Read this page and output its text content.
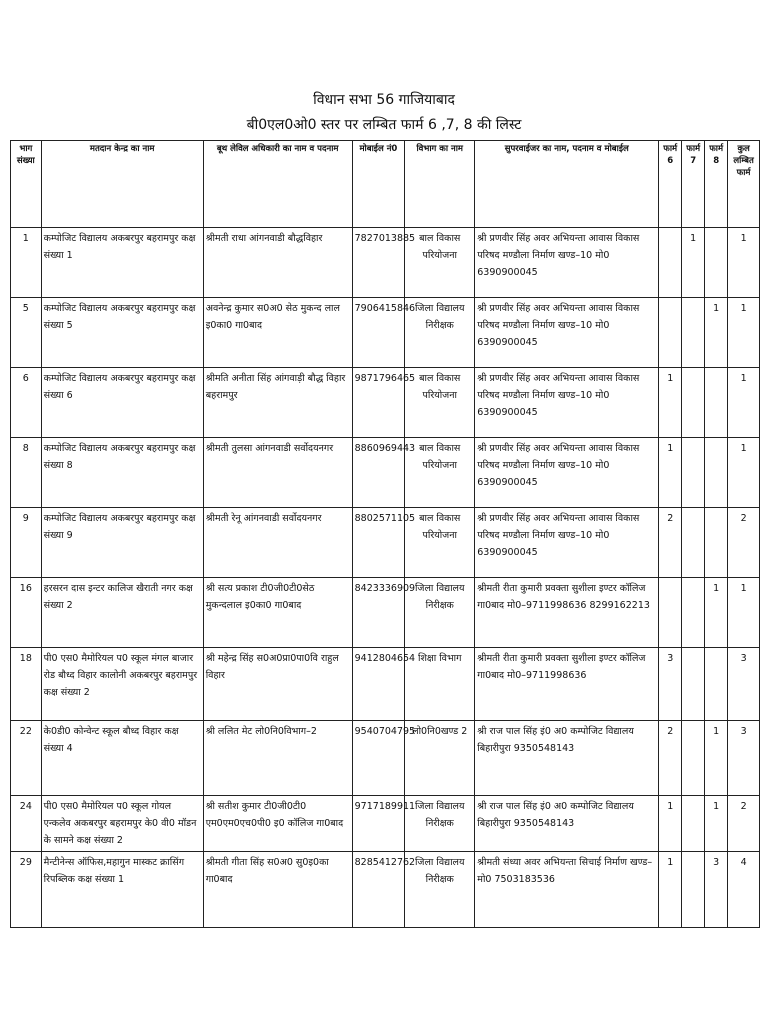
विधान सभा 56 गाजियाबाद
बी0एल0ओ0 स्तर पर लम्बित फार्म 6 ,7, 8 की लिस्ट
भाग संख्या	मतदान केन्द्र का नाम	बूथ लेविल अधिकारी का नाम व पदनाम	मोबाईल नं0	विभाग का नाम	सुपरवाईजर का नाम, पदनाम व मोबाईल	फार्म 6	फार्म 7	फार्म 8	कुल लम्बित फार्म
1	कम्पोजिट विद्यालय अकबरपुर बहरामपुर कक्ष संख्या 1	श्रीमती राधा आंगनवाडी बौद्धविहार	7827013885	बाल विकास परियोजना	श्री प्रणवीर सिंह अवर अभियन्ता आवास विकास परिषद मण्डौला निर्माण खण्ड–10 मो0 6390900045		1		1
5	कम्पोजिट विद्यालय अकबरपुर बहरामपुर कक्ष संख्या 5	अवनेन्द्र कुमार स0अ0 सेठ मुकन्द लाल इ0का0 गा0बाद	7906415846	जिला विद्यालय निरीक्षक	श्री प्रणवीर सिंह अवर अभियन्ता आवास विकास परिषद मण्डौला निर्माण खण्ड–10 मो0 6390900045			1	1
6	कम्पोजिट विद्यालय अकबरपुर बहरामपुर कक्ष संख्या 6	श्रीमति अनीता सिंह आंगवाड़ी बौद्ध विहार बहरामपुर	9871796465	बाल विकास परियोजना	श्री प्रणवीर सिंह अवर अभियन्ता आवास विकास परिषद मण्डौला निर्माण खण्ड–10 मो0 6390900045	1			1
8	कम्पोजिट विद्यालय अकबरपुर बहरामपुर कक्ष संख्या 8	श्रीमती तुलसा आंगनवाडी सर्वोदयनगर	8860969443	बाल विकास परियोजना	श्री प्रणवीर सिंह अवर अभियन्ता आवास विकास परिषद मण्डौला निर्माण खण्ड–10 मो0 6390900045	1			1
9	कम्पोजिट विद्यालय अकबरपुर बहरामपुर कक्ष संख्या 9	श्रीमती रेनू आंगनवाडी सर्वोदयनगर	8802571105	बाल विकास परियोजना	श्री प्रणवीर सिंह अवर अभियन्ता आवास विकास परिषद मण्डौला निर्माण खण्ड–10 मो0 6390900045	2			2
16	हरसरन दास इन्टर कालिज खैराती नगर कक्ष संख्या 2	श्री सत्य प्रकाश टी0जी0टी0सेठ मुकन्दलाल इ0का0 गा0बाद	8423336909	जिला विद्यालय निरीक्षक	श्रीमती रीता कुमारी प्रवक्ता सुशीला इण्टर कॉलिज गा0बाद मो0–9711998636 8299162213			1	1
18	पी0 एस0 मैमोरियल प0 स्कूल मंगल बाजार रोड बौध्द विहार कालोनी अकबरपुर बहरामपुर कक्ष संख्या 2	श्री महेन्द्र सिंह स0अ0प्रा0पा0वि राहुल विहार	9412804654	शिक्षा विभाग	श्रीमती रीता कुमारी प्रवक्ता सुशीला इण्टर कॉलिज गा0बाद मो0–9711998636	3			3
22	के0डी0 कोन्वेन्ट स्कूल बौध्द विहार कक्ष संख्या 4	श्री ललित मेट लो0नि0विभाग–2	9540704795	लो0नि0खण्ड 2	श्री राज पाल सिंह इं0 अ0 कम्पोजिट विद्यालय बिहारीपुरा 9350548143	2		1	3
24	पी0 एस0 मैमोरियल प0 स्कूल गोयल एन्कलेव अकबरपुर बहरामपुर के0 वी0 मॉडन के सामने कक्ष संख्या 2	श्री सतीश कुमार टी0जी0टी0 एम0एम0एच0पी0 इ0 कॉलिज गा0बाद	9717189911	जिला विद्यालय निरीक्षक	श्री राज पाल सिंह इं0 अ0 कम्पोजिट विद्यालय बिहारीपुरा 9350548143	1		1	2
29	मैन्टीनेन्स ऑफिस,महागुन मास्कट क्रासिंग रिपब्लिक कक्ष संख्या 1	श्रीमती गीता सिंह स0अ0 सु0इ0का गा0बाद	8285412762	जिला विद्यालय निरीक्षक	श्रीमती संध्या अवर अभियन्ता सिचाई निर्माण खण्ड–मो0 7503183536	1		3	4
